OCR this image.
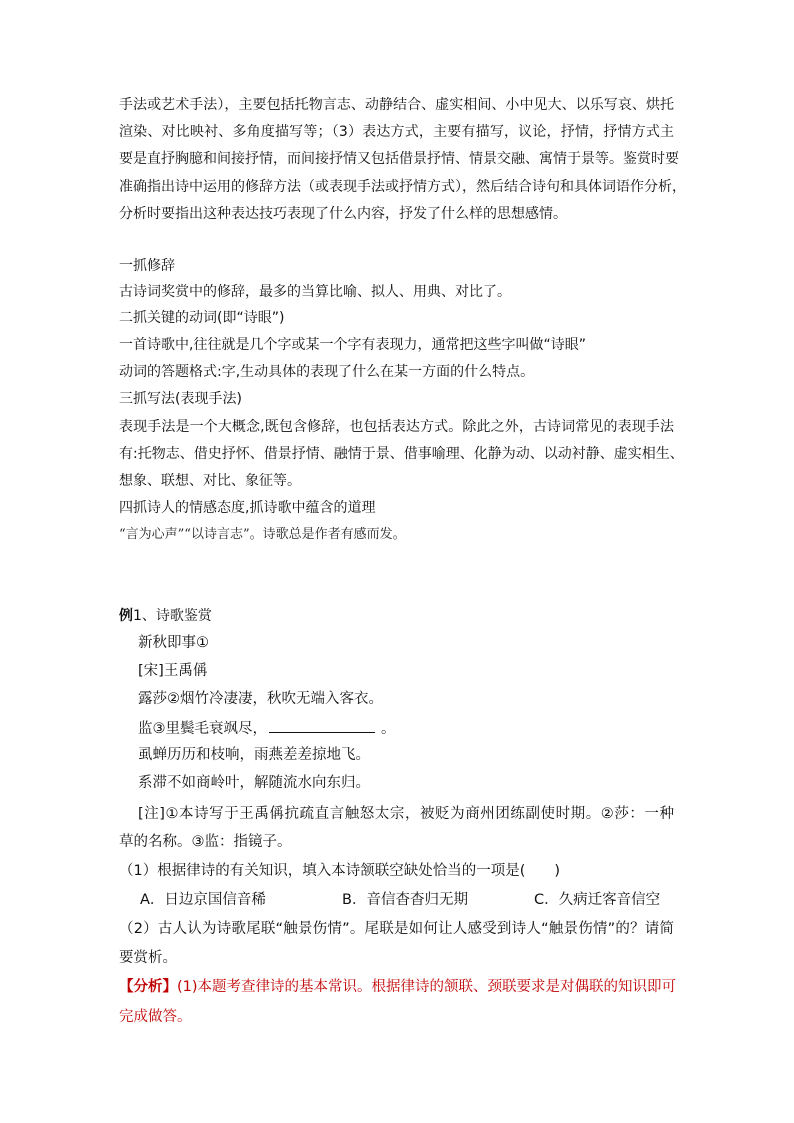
手法或艺术手法），主要包括托物言志、动静结合、虚实相间、小中见大、以乐写哀、烘托
渲染、对比映衬、多角度描写等；（3）表达方式，主要有描写，议论，抒情，抒情方式主
要是直抒胸臆和间接抒情，而间接抒情又包括借景抒情、情景交融、寓情于景等。鉴赏时要
准确指出诗中运用的修辞方法（或表现手法或抒情方式），然后结合诗句和具体词语作分析，
分析时要指出这种表达技巧表现了什么内容，抒发了什么样的思想感情。
一抓修辞
古诗词奖赏中的修辞，最多的当算比喻、拟人、用典、对比了。
二抓关键的动词(即“诗眼”)
一首诗歌中,往往就是几个字或某一个字有表现力，通常把这些字叫做“诗眼”
动词的答题格式:字,生动具体的表现了什么在某一方面的什么特点。
三抓写法(表现手法)
表现手法是一个大概念,既包含修辞，也包括表达方式。除此之外，古诗词常见的表现手法
有:托物志、借史抒怀、借景抒情、融情于景、借事喻理、化静为动、以动衬静、虚实相生、
想象、联想、对比、象征等。
四抓诗人的情感态度,抓诗歌中蕴含的道理
“言为心声”“以诗言志”。诗歌总是作者有感而发。
例1、诗歌鉴赏
新秋即事①
[宋]王禹偁
露莎②烟竹冷凄凄，秋吹无端入客衣。
监③里鬓毛衰飒尽，	。
虱蝉历历和枝响，雨燕差差掠地飞。
系滞不如商岭叶，解随流水向东归。
[注]①本诗写于王禹偁抗疏直言触怒太宗，被贬为商州团练副使时期。②莎：一种
草的名称。③监：指镜子。
（1）根据律诗的有关知识，填入本诗颔联空缺处恰当的一项是(　　)
A．日边京国信音稀	B．音信杳杳归无期	C．久病迁客音信空
（2）古人认为诗歌尾联“触景伤情”。尾联是如何让人感受到诗人“触景伤情”的？请简
要赏析。
【分析】(1)本题考查律诗的基本常识。根据律诗的颔联、颈联要求是对偶联的知识即可
完成做答。
